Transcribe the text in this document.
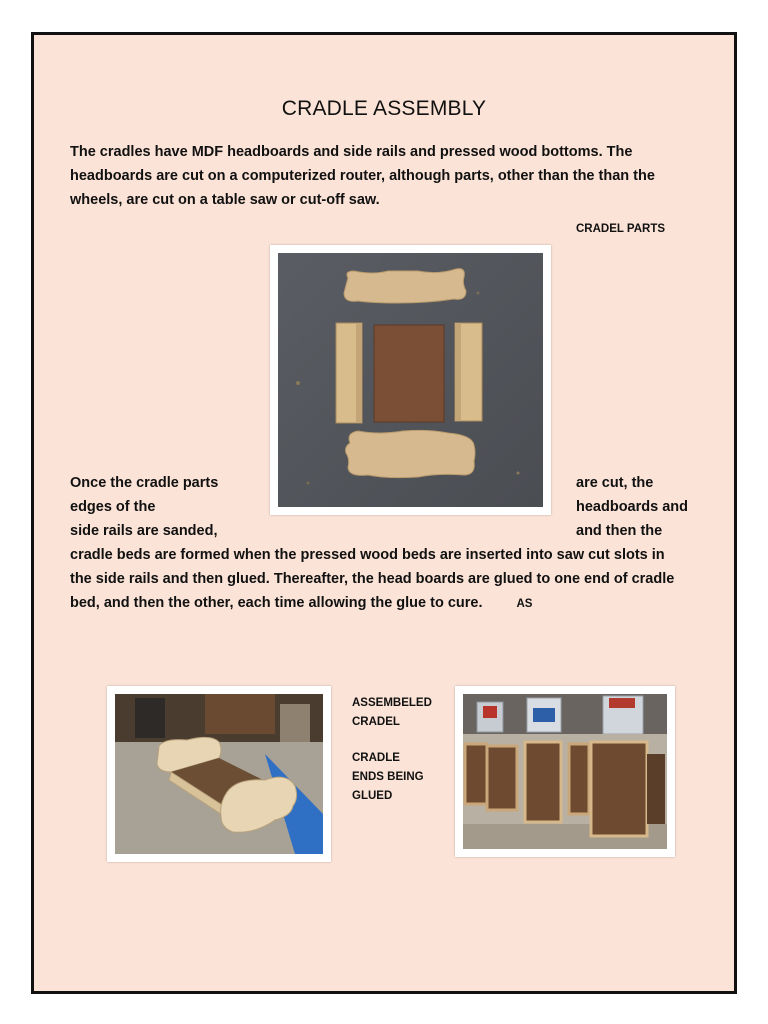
CRADLE ASSEMBLY
The cradles have MDF headboards and side rails and pressed wood bottoms. The
headboards are cut on a computerized router, although parts, other than the than the
wheels, are cut on a table saw or cut-off saw.
CRADEL PARTS
Once the cradle parts
edges of the
side rails are sanded,
are cut, the
headboards and
and then the
cradle beds are formed when the pressed wood beds are inserted into saw cut slots in
the side rails and then glued. Thereafter, the head boards are glued to one end of cradle
bed, and then the other, each time allowing the glue to cure.	AS
ASSEMBELED
CRADEL
CRADLE
ENDS BEING
GLUED
